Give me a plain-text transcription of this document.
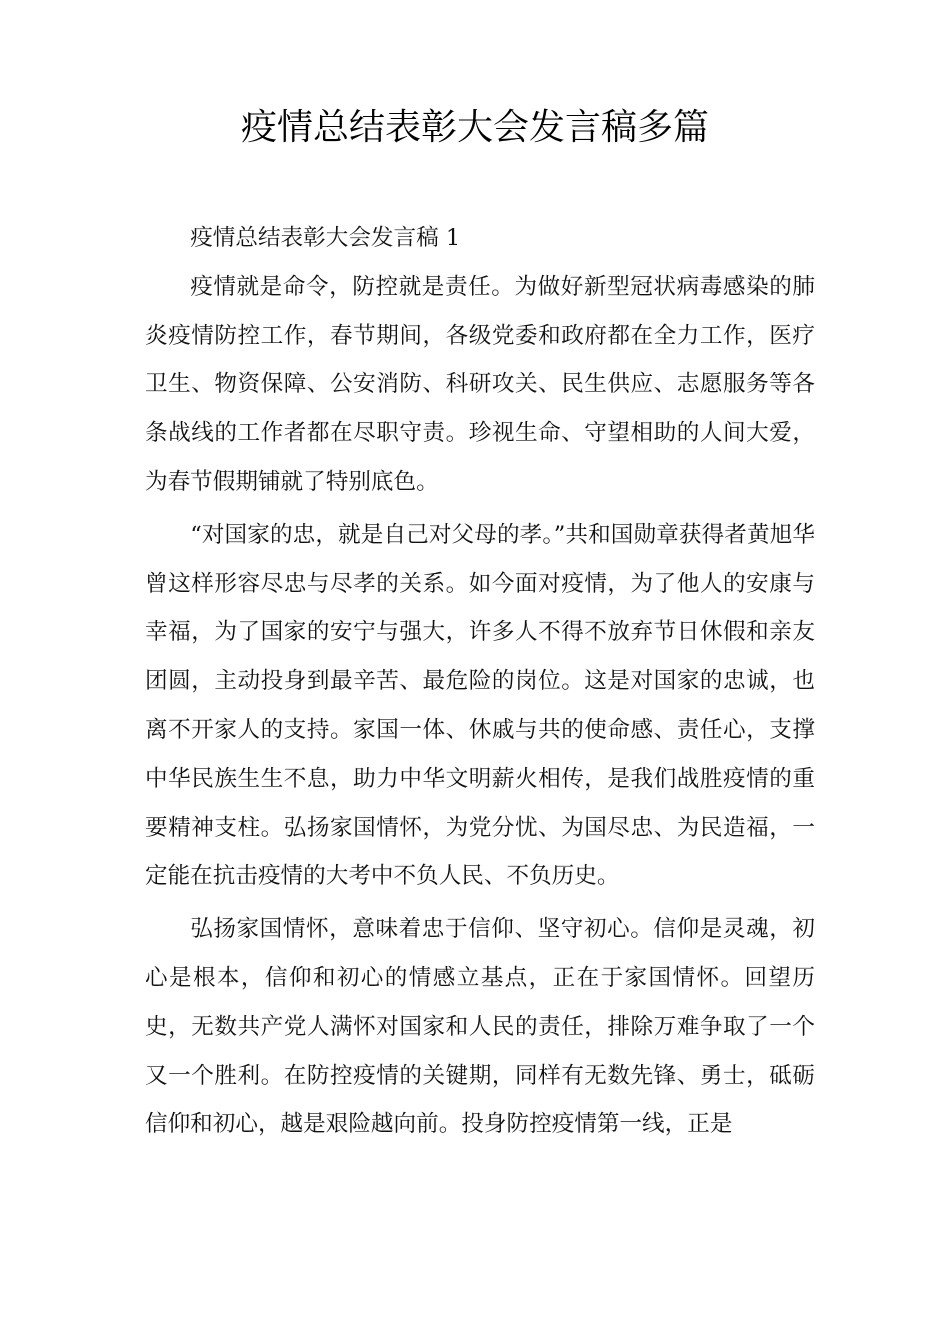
疫情总结表彰大会发言稿多篇

疫情总结表彰大会发言稿 1

疫情就是命令，防控就是责任。为做好新型冠状病毒感染的肺炎疫情防控工作，春节期间，各级党委和政府都在全力工作，医疗卫生、物资保障、公安消防、科研攻关、民生供应、志愿服务等各条战线的工作者都在尽职守责。珍视生命、守望相助的人间大爱，为春节假期铺就了特别底色。

“对国家的忠，就是自己对父母的孝。”共和国勋章获得者黄旭华曾这样形容尽忠与尽孝的关系。如今面对疫情，为了他人的安康与幸福，为了国家的安宁与强大，许多人不得不放弃节日休假和亲友团圆，主动投身到最辛苦、最危险的岗位。这是对国家的忠诚，也离不开家人的支持。家国一体、休戚与共的使命感、责任心，支撑中华民族生生不息，助力中华文明薪火相传，是我们战胜疫情的重要精神支柱。弘扬家国情怀，为党分忧、为国尽忠、为民造福，一定能在抗击疫情的大考中不负人民、不负历史。

弘扬家国情怀，意味着忠于信仰、坚守初心。信仰是灵魂，初心是根本，信仰和初心的情感立基点，正在于家国情怀。回望历史，无数共产党人满怀对国家和人民的责任，排除万难争取了一个又一个胜利。在防控疫情的关键期，同样有无数先锋、勇士，砥砺信仰和初心，越是艰险越向前。投身防控疫情第一线，正是
